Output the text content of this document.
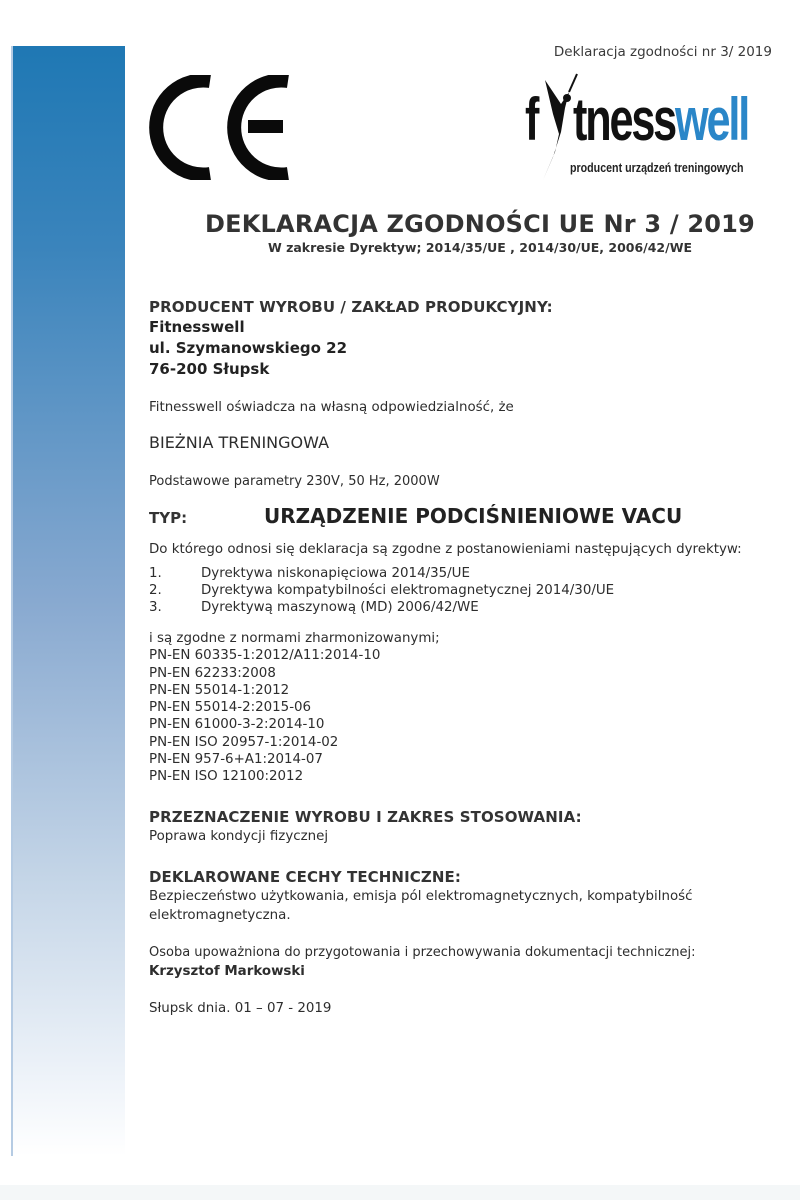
Deklaracja zgodności nr 3/ 2019
f tnesswell
producent urządzeń treningowych
DEKLARACJA ZGODNOŚCI UE Nr 3 / 2019
W zakresie Dyrektyw; 2014/35/UE , 2014/30/UE, 2006/42/WE
PRODUCENT WYROBU / ZAKŁAD PRODUKCYJNY:
Fitnesswell
ul. Szymanowskiego 22
76-200 Słupsk
Fitnesswell oświadcza na własną odpowiedzialność, że
BIEŻNIA TRENINGOWA
Podstawowe parametry 230V, 50 Hz, 2000W
TYP:	URZĄDZENIE PODCIŚNIENIOWE VACU
Do którego odnosi się deklaracja są zgodne z postanowieniami następujących dyrektyw:
1.	Dyrektywa niskonapięciowa 2014/35/UE
2.	Dyrektywa kompatybilności elektromagnetycznej 2014/30/UE
3.	Dyrektywą maszynową (MD) 2006/42/WE
i są zgodne z normami zharmonizowanymi;
PN-EN 60335-1:2012/A11:2014-10
PN-EN 62233:2008
PN-EN 55014-1:2012
PN-EN 55014-2:2015-06
PN-EN 61000-3-2:2014-10
PN-EN ISO 20957-1:2014-02
PN-EN 957-6+A1:2014-07
PN-EN ISO 12100:2012
PRZEZNACZENIE WYROBU I ZAKRES STOSOWANIA:
Poprawa kondycji fizycznej
DEKLAROWANE CECHY TECHNICZNE:
Bezpieczeństwo użytkowania, emisja pól elektromagnetycznych, kompatybilność elektromagnetyczna.
Osoba upoważniona do przygotowania i przechowywania dokumentacji technicznej:
Krzysztof Markowski
Słupsk dnia. 01 – 07 - 2019
